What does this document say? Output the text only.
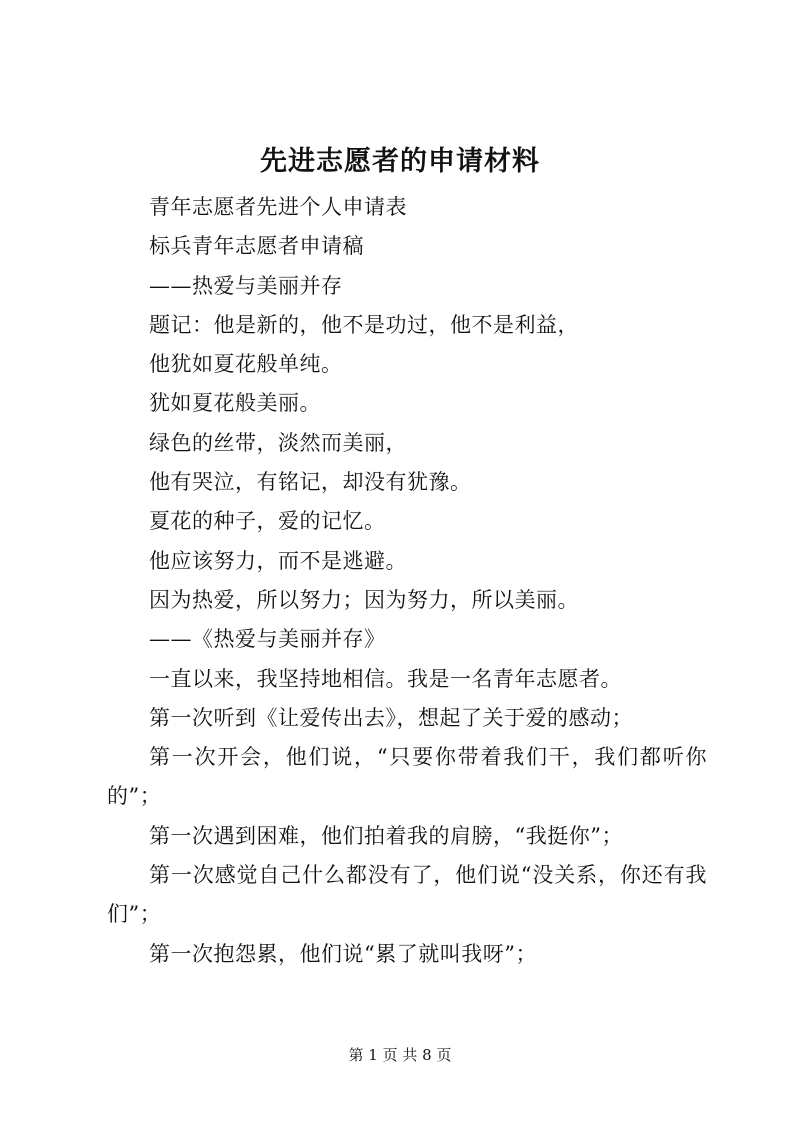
先进志愿者的申请材料

青年志愿者先进个人申请表

标兵青年志愿者申请稿

——热爱与美丽并存

题记：他是新的，他不是功过，他不是利益，

他犹如夏花般单纯。

犹如夏花般美丽。

绿色的丝带，淡然而美丽，

他有哭泣，有铭记，却没有犹豫。

夏花的种子，爱的记忆。

他应该努力，而不是逃避。

因为热爱，所以努力；因为努力，所以美丽。

——《热爱与美丽并存》

一直以来，我坚持地相信。我是一名青年志愿者。

第一次听到《让爱传出去》，想起了关于爱的感动；

第一次开会，他们说，“只要你带着我们干，我们都听你的”；

第一次遇到困难，他们拍着我的肩膀，“我挺你”；

第一次感觉自己什么都没有了，他们说“没关系，你还有我们”；

第一次抱怨累，他们说“累了就叫我呀”；

第 1 页 共 8 页
